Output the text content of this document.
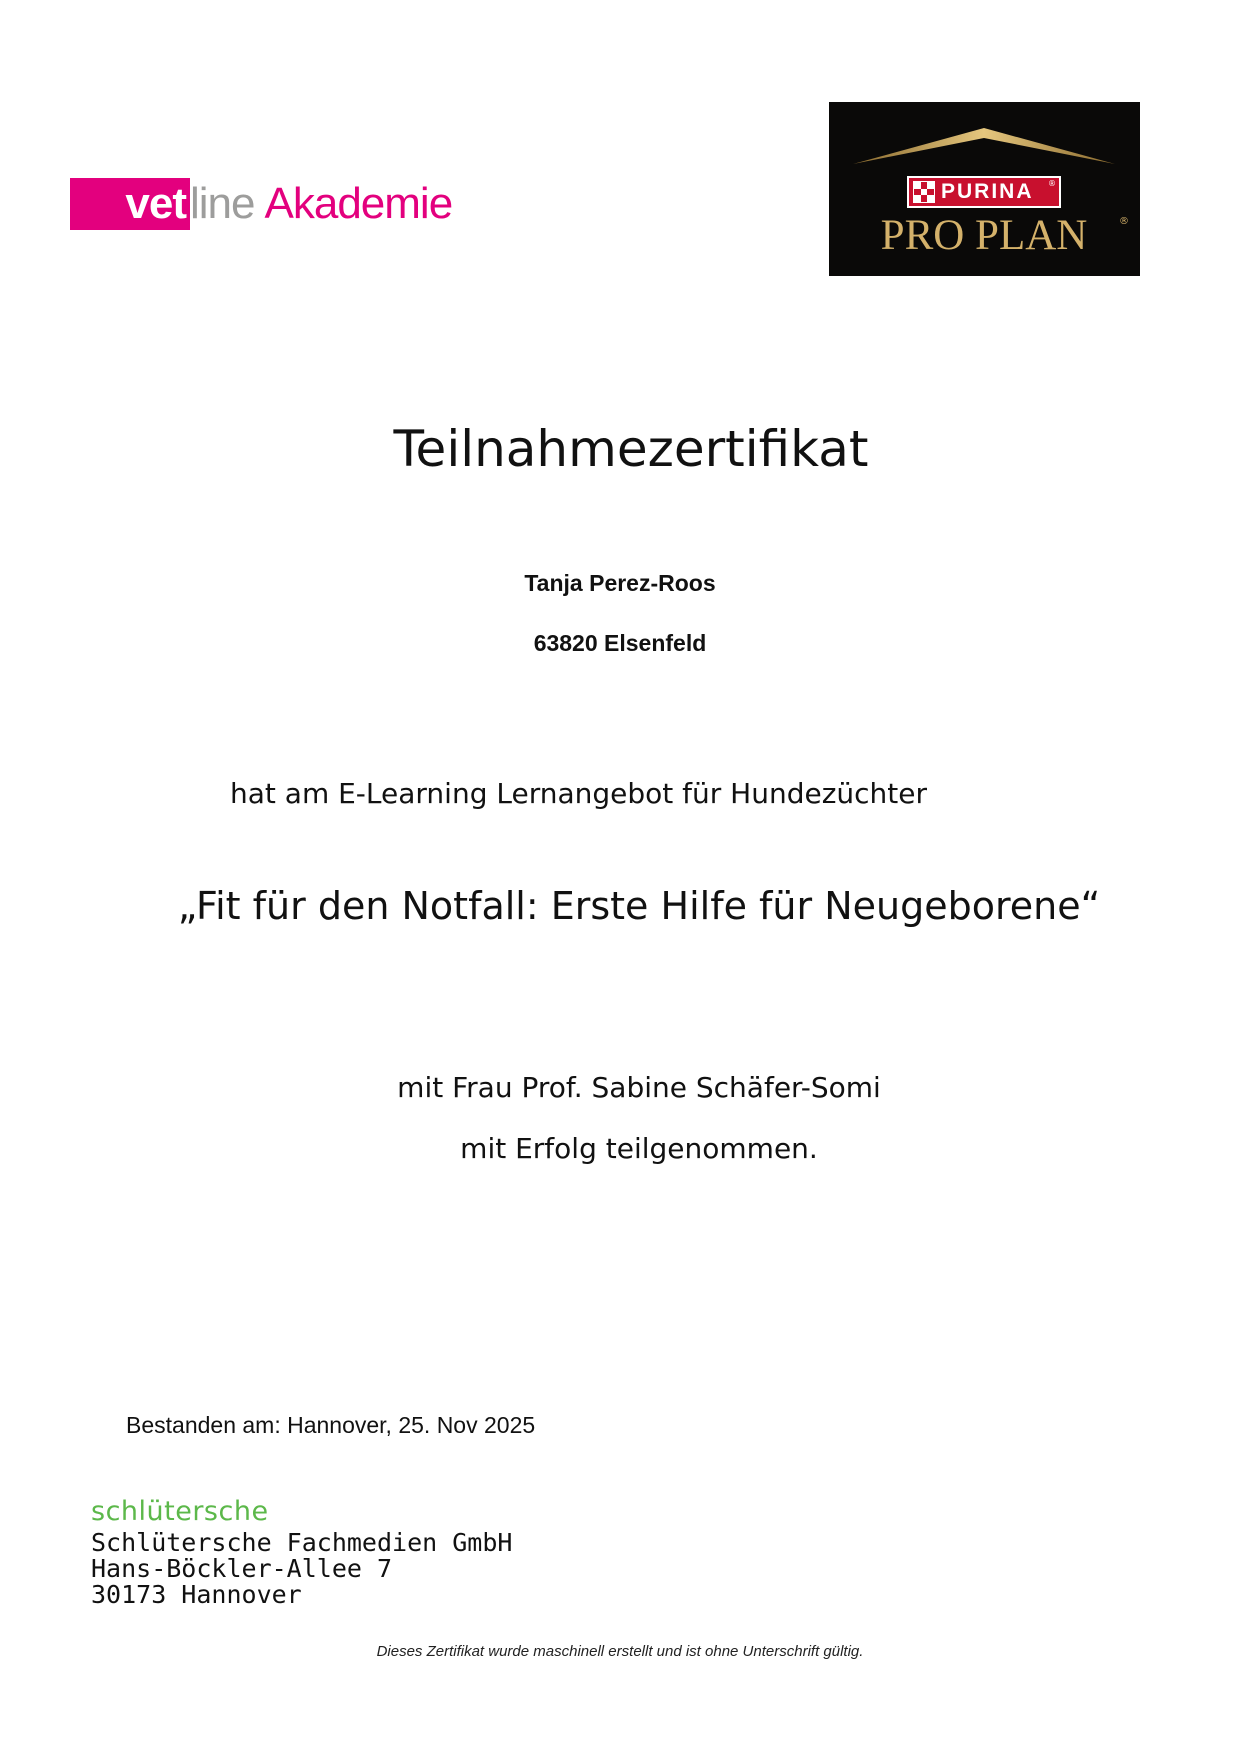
vet line Akademie	PURINA ®
PRO PLAN	®
Teilnahmezertifikat
Tanja Perez-Roos
63820 Elsenfeld
hat am E-Learning Lernangebot für Hundezüchter
„Fit für den Notfall: Erste Hilfe für Neugeborene“
mit Frau Prof. Sabine Schäfer-Somi
mit Erfolg teilgenommen.
Bestanden am: Hannover, 25. Nov 2025
schlütersche
Schlütersche Fachmedien GmbH
Hans-Böckler-Allee 7
30173 Hannover
Dieses Zertifikat wurde maschinell erstellt und ist ohne Unterschrift gültig.
